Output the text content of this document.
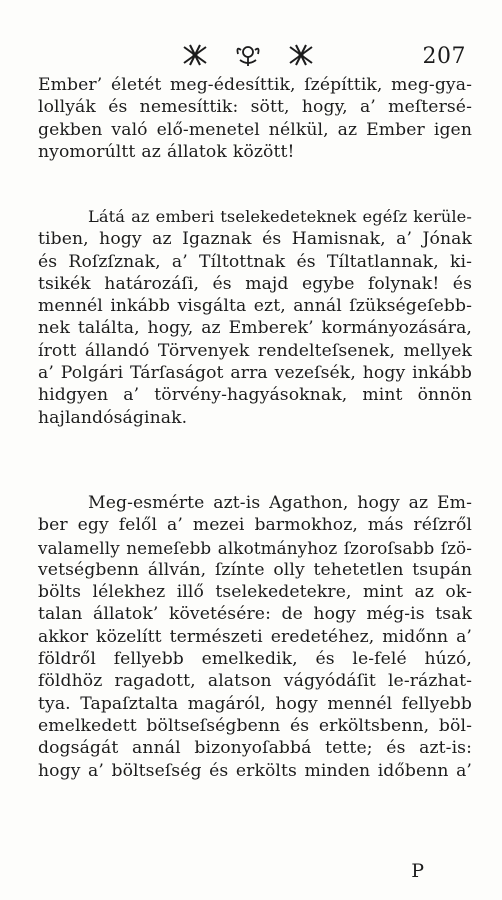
207
Ember’ életét meg-édesíttik, ſzépíttik, meg-gya-
lollyák és nemesíttik: sött, hogy, a’ meſtersé-
gekben való elő-menetel nélkül, az Ember igen
nyomorúltt az állatok között!
Látá az emberi tselekedeteknek egéſz kerüle-
tiben, hogy az Igaznak és Hamisnak, a’ Jónak
és Roſzſznak, a’ Tíltottnak és Tíltatlannak, ki-
tsikék határozáſi, és majd egybe folynak! és
mennél inkább visgálta ezt, annál ſzükségeſebb-
nek találta, hogy, az Emberek’ kormányozására,
írott állandó Törvenyek rendelteſsenek, mellyek
a’ Polgári Tárſaságot arra vezeſsék, hogy inkább
hidgyen a’ törvény-hagyásoknak, mint önnön
hajlandóságinak.
Meg-esmérte azt-is Agathon, hogy az Em-
ber egy felől a’ mezei barmokhoz, más réſzről
valamelly nemeſebb alkotmányhoz ſzoroſsabb ſzö-
vetségbenn állván, ſzínte olly tehetetlen tsupán
bölts lélekhez illő tselekedetekre, mint az ok-
talan állatok’ követésére: de hogy még-is tsak
akkor közelítt természeti eredetéhez, midőnn a’
földről fellyebb emelkedik, és le-felé húzó,
földhöz ragadott, alatson vágyódáſit le-rázhat-
tya. Tapaſztalta magáról, hogy mennél fellyebb
emelkedett böltseſségbenn és erköltsbenn, böl-
dogságát annál bizonyoſabbá tette; és azt-is:
hogy a’ böltseſség és erkölts minden időbenn a’
P
